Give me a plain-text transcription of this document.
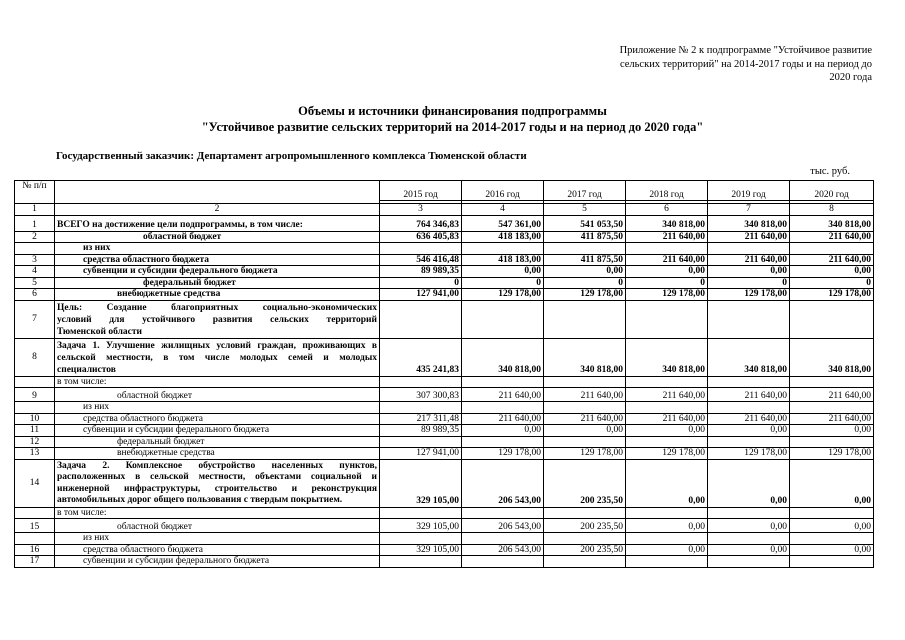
Приложение № 2 к подпрограмме "Устойчивое развитие
сельских территорий" на 2014-2017 годы и на период до
2020 года
Объемы и источники финансирования подпрограммы
"Устойчивое развитие сельских территорий на 2014-2017 годы и на период до 2020 года"
Государственный заказчик: Департамент агропромышленного комплекса Тюменской области
тыс. руб.
№ п/п		2015 год	2016 год	2017 год	2018 год	2019 год	2020 год

1	2	3	4	5	6	7	8
1	ВСЕГО на достижение цели подпрограммы, в том числе:	764 346,83	547 361,00	541 053,50	340 818,00	340 818,00	340 818,00
2	областной бюджет	636 405,83	418 183,00	411 875,50	211 640,00	211 640,00	211 640,00
	из них						
3	средства областного бюджета	546 416,48	418 183,00	411 875,50	211 640,00	211 640,00	211 640,00
4	субвенции и субсидии федерального бюджета	89 989,35	0,00	0,00	0,00	0,00	0,00
5	федеральный бюджет	0	0	0	0	0	0
6	внебюджетные средства	127 941,00	129 178,00	129 178,00	129 178,00	129 178,00	129 178,00
7	Цель: Создание благоприятных социально-экономических
условий для устойчивого развития сельских территорий
Тюменской области						

8	Задача 1. Улучшение жилищных условий граждан, проживающих в
сельской местности, в том числе молодых семей и молодых
специалистов	435 241,83	340 818,00	340 818,00	340 818,00	340 818,00	340 818,00
	в том числе:						
9	областной бюджет	307 300,83	211 640,00	211 640,00	211 640,00	211 640,00	211 640,00
	из них						
10	средства областного бюджета	217 311,48	211 640,00	211 640,00	211 640,00	211 640,00	211 640,00
11	субвенции и субсидии федерального бюджета	89 989,35	0,00	0,00	0,00	0,00	0,00
12	федеральный бюджет						
13	внебюджетные средства	127 941,00	129 178,00	129 178,00	129 178,00	129 178,00	129 178,00
14	Задача 2. Комплексное обустройство населенных пунктов,
расположенных в сельской местности, объектами социальной и
инженерной инфраструктуры, строительство и реконструкция
автомобильных дорог общего пользования с твердым покрытием.	329 105,00	206 543,00	200 235,50	0,00	0,00	0,00
	в том числе:						
15	областной бюджет	329 105,00	206 543,00	200 235,50	0,00	0,00	0,00
	из них						
16	средства областного бюджета	329 105,00	206 543,00	200 235,50	0,00	0,00	0,00
17	субвенции и субсидии федерального бюджета						
